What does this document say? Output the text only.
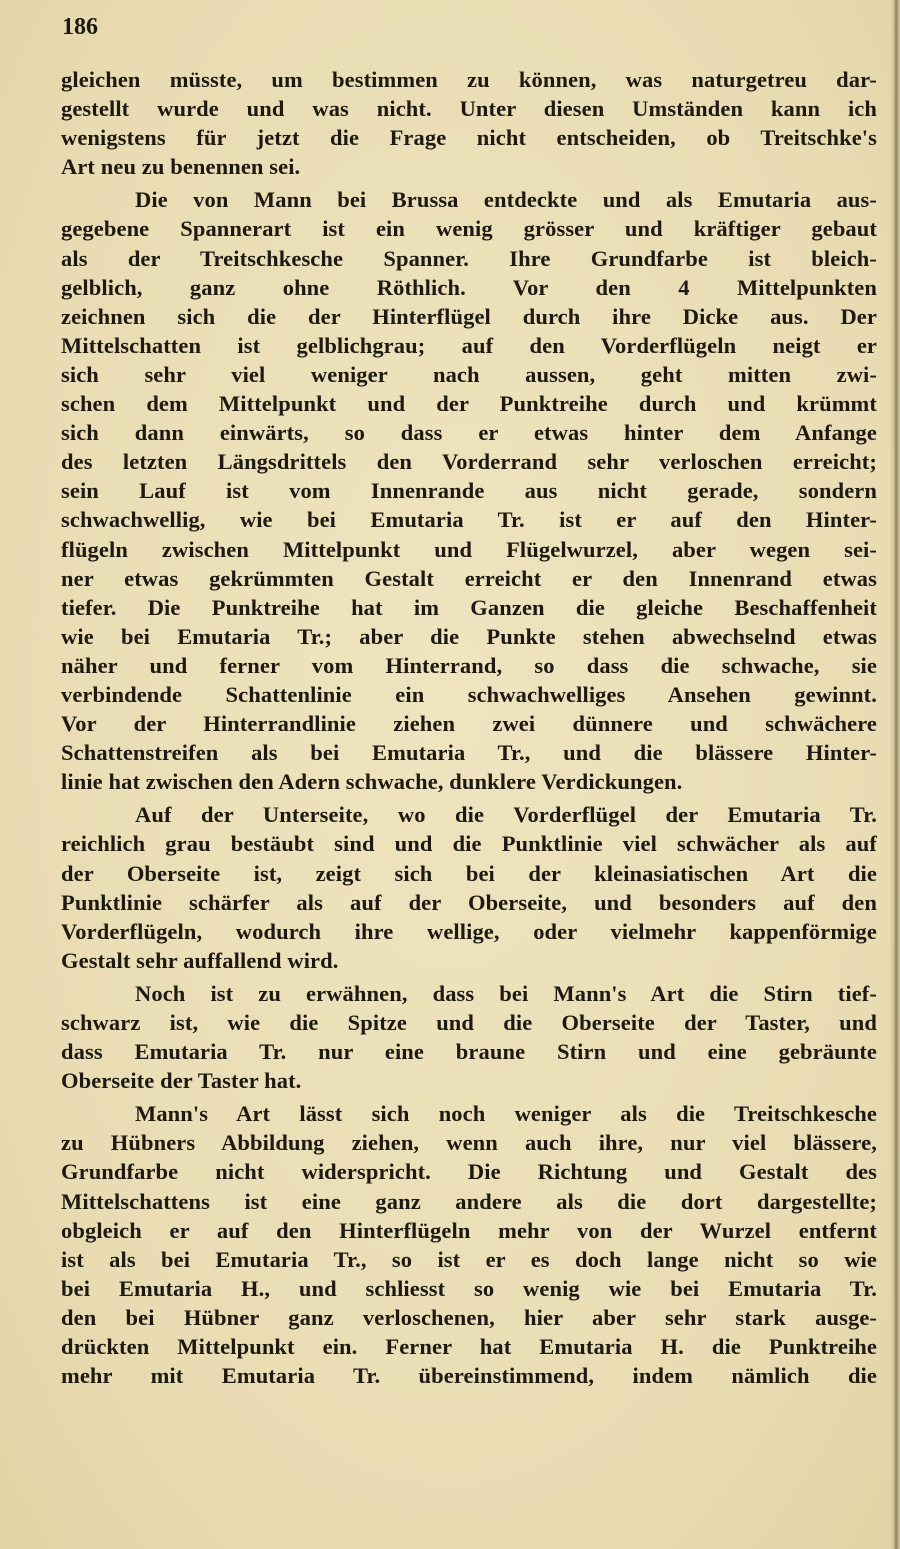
186
gleichen müsste, um bestimmen zu können, was naturgetreu dar-
gestellt wurde und was nicht. Unter diesen Umständen kann ich
wenigstens für jetzt die Frage nicht entscheiden, ob Treitschke's
Art neu zu benennen sei.
Die von Mann bei Brussa entdeckte und als Emutaria aus-
gegebene Spannerart ist ein wenig grösser und kräftiger gebaut
als der Treitschkesche Spanner. Ihre Grundfarbe ist bleich-
gelblich, ganz ohne Röthlich. Vor den 4 Mittelpunkten
zeichnen sich die der Hinterflügel durch ihre Dicke aus. Der
Mittelschatten ist gelblichgrau; auf den Vorderflügeln neigt er
sich sehr viel weniger nach aussen, geht mitten zwi-
schen dem Mittelpunkt und der Punktreihe durch und krümmt
sich dann einwärts, so dass er etwas hinter dem Anfange
des letzten Längsdrittels den Vorderrand sehr verloschen erreicht;
sein Lauf ist vom Innenrande aus nicht gerade, sondern
schwachwellig, wie bei Emutaria Tr. ist er auf den Hinter-
flügeln zwischen Mittelpunkt und Flügelwurzel, aber wegen sei-
ner etwas gekrümmten Gestalt erreicht er den Innenrand etwas
tiefer. Die Punktreihe hat im Ganzen die gleiche Beschaffenheit
wie bei Emutaria Tr.; aber die Punkte stehen abwechselnd etwas
näher und ferner vom Hinterrand, so dass die schwache, sie
verbindende Schattenlinie ein schwachwelliges Ansehen gewinnt.
Vor der Hinterrandlinie ziehen zwei dünnere und schwächere
Schattenstreifen als bei Emutaria Tr., und die blässere Hinter-
linie hat zwischen den Adern schwache, dunklere Verdickungen.
Auf der Unterseite, wo die Vorderflügel der Emutaria Tr.
reichlich grau bestäubt sind und die Punktlinie viel schwächer als auf
der Oberseite ist, zeigt sich bei der kleinasiatischen Art die
Punktlinie schärfer als auf der Oberseite, und besonders auf den
Vorderflügeln, wodurch ihre wellige, oder vielmehr kappenförmige
Gestalt sehr auffallend wird.
Noch ist zu erwähnen, dass bei Mann's Art die Stirn tief-
schwarz ist, wie die Spitze und die Oberseite der Taster, und
dass Emutaria Tr. nur eine braune Stirn und eine gebräunte
Oberseite der Taster hat.
Mann's Art lässt sich noch weniger als die Treitschkesche
zu Hübners Abbildung ziehen, wenn auch ihre, nur viel blässere,
Grundfarbe nicht widerspricht. Die Richtung und Gestalt des
Mittelschattens ist eine ganz andere als die dort dargestellte;
obgleich er auf den Hinterflügeln mehr von der Wurzel entfernt
ist als bei Emutaria Tr., so ist er es doch lange nicht so wie
bei Emutaria H., und schliesst so wenig wie bei Emutaria Tr.
den bei Hübner ganz verloschenen, hier aber sehr stark ausge-
drückten Mittelpunkt ein. Ferner hat Emutaria H. die Punktreihe
mehr mit Emutaria Tr. übereinstimmend, indem nämlich die
